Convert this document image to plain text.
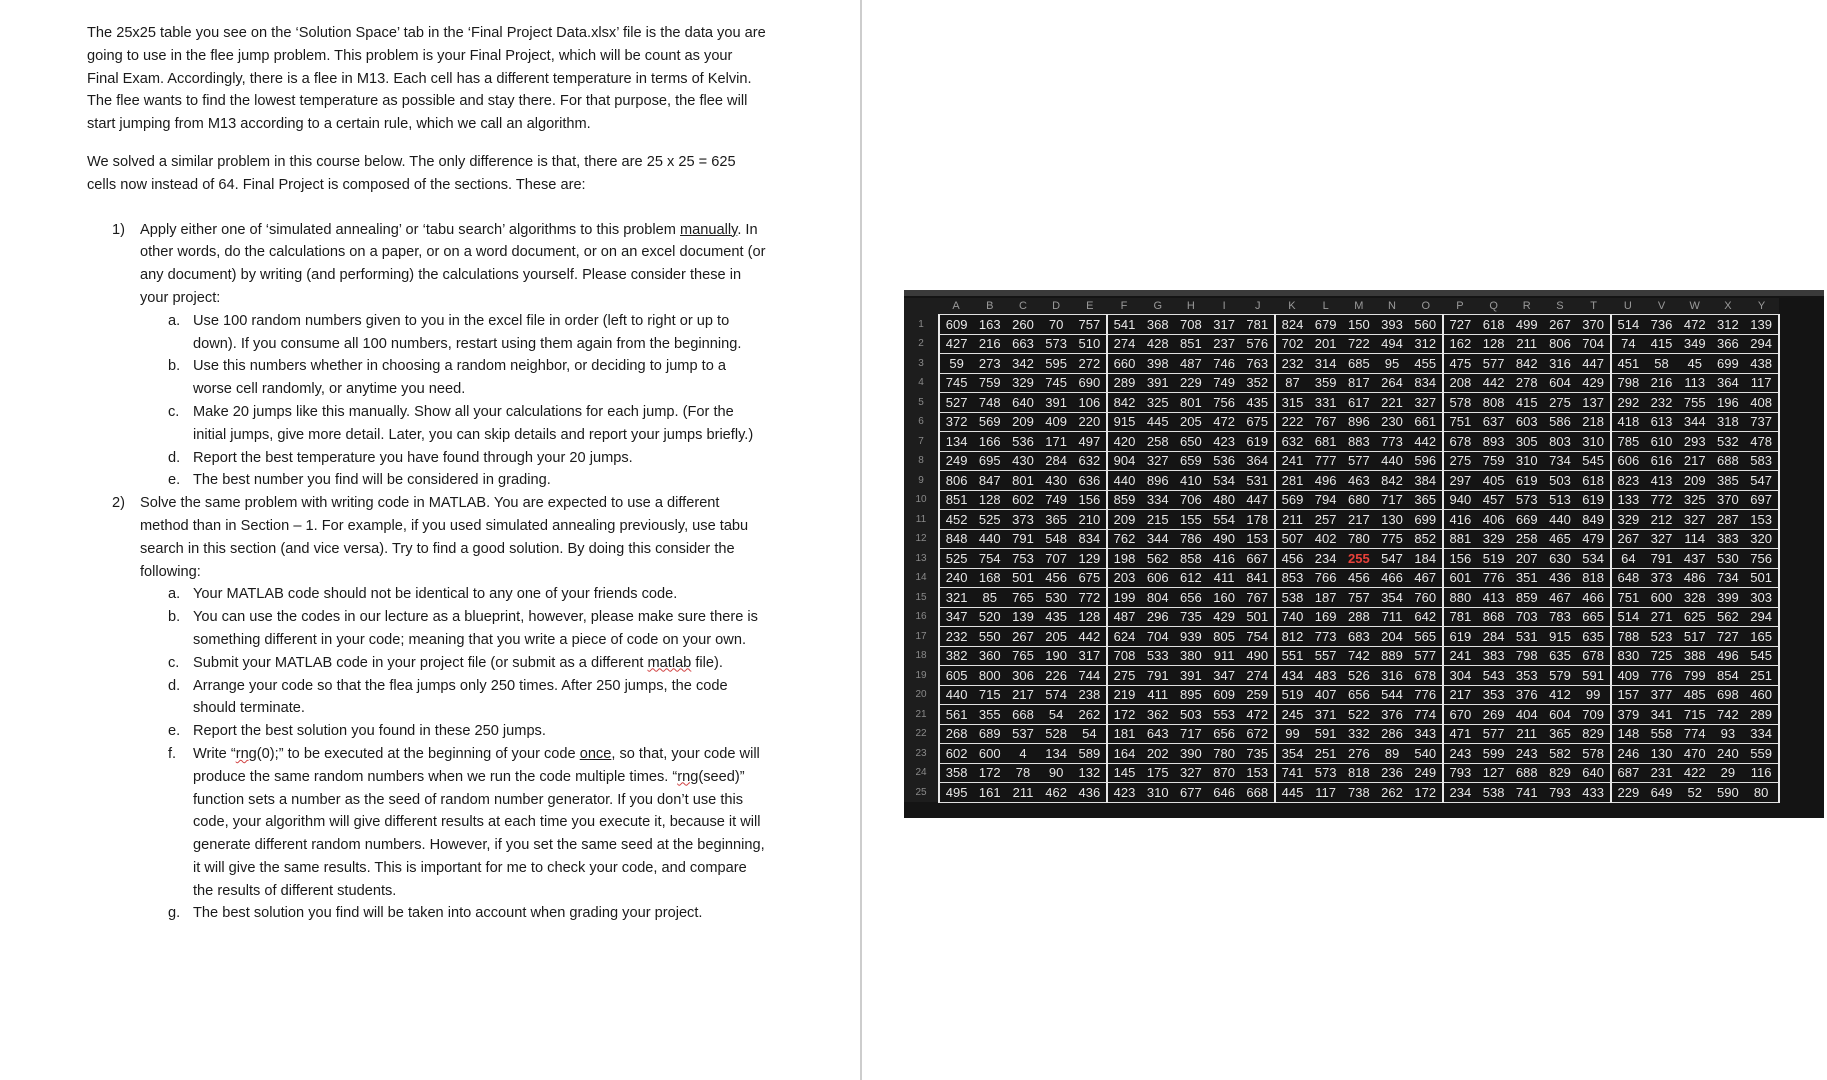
The 25x25 table you see on the ‘Solution Space’ tab in the ‘Final Project Data.xlsx’ file is the data you are going to use in the flee jump problem. This problem is your Final Project, which will be count as your Final Exam. Accordingly, there is a flee in M13. Each cell has a different temperature in terms of Kelvin. The flee wants to find the lowest temperature as possible and stay there. For that purpose, the flee will start jumping from M13 according to a certain rule, which we call an algorithm.

We solved a similar problem in this course below. The only difference is that, there are 25 x 25 = 625 cells now instead of 64. Final Project is composed of the sections. These are:

1) Apply either one of ‘simulated annealing’ or ‘tabu search’ algorithms to this problem manually. In other words, do the calculations on a paper, or on a word document, or on an excel document (or any document) by writing (and performing) the calculations yourself. Please consider these in your project:
a. Use 100 random numbers given to you in the excel file in order (left to right or up to down). If you consume all 100 numbers, restart using them again from the beginning.
b. Use this numbers whether in choosing a random neighbor, or deciding to jump to a worse cell randomly, or anytime you need.
c. Make 20 jumps like this manually. Show all your calculations for each jump. (For the initial jumps, give more detail. Later, you can skip details and report your jumps briefly.)
d. Report the best temperature you have found through your 20 jumps.
e. The best number you find will be considered in grading.
2) Solve the same problem with writing code in MATLAB. You are expected to use a different method than in Section – 1. For example, if you used simulated annealing previously, use tabu search in this section (and vice versa). Try to find a good solution. By doing this consider the following:
a. Your MATLAB code should not be identical to any one of your friends code.
b. You can use the codes in our lecture as a blueprint, however, please make sure there is something different in your code; meaning that you write a piece of code on your own.
c. Submit your MATLAB code in your project file (or submit as a different matlab file).
d. Arrange your code so that the flea jumps only 250 times. After 250 jumps, the code should terminate.
e. Report the best solution you found in these 250 jumps.
f. Write “rng(0);” to be executed at the beginning of your code once, so that, your code will produce the same random numbers when we run the code multiple times. “rng(seed)” function sets a number as the seed of random number generator. If you don’t use this code, your algorithm will give different results at each time you execute it, because it will generate different random numbers. However, if you set the same seed at the beginning, it will give the same results. This is important for me to check your code, and compare the results of different students.
g. The best solution you find will be taken into account when grading your project.
	A	B	C	D	E	F	G	H	I	J	K	L	M	N	O	P	Q	R	S	T	U	V	W	X	Y
1	609	163	260	70	757	541	368	708	317	781	824	679	150	393	560	727	618	499	267	370	514	736	472	312	139
2	427	216	663	573	510	274	428	851	237	576	702	201	722	494	312	162	128	211	806	704	74	415	349	366	294
3	59	273	342	595	272	660	398	487	746	763	232	314	685	95	455	475	577	842	316	447	451	58	45	699	438
4	745	759	329	745	690	289	391	229	749	352	87	359	817	264	834	208	442	278	604	429	798	216	113	364	117
5	527	748	640	391	106	842	325	801	756	435	315	331	617	221	327	578	808	415	275	137	292	232	755	196	408
6	372	569	209	409	220	915	445	205	472	675	222	767	896	230	661	751	637	603	586	218	418	613	344	318	737
7	134	166	536	171	497	420	258	650	423	619	632	681	883	773	442	678	893	305	803	310	785	610	293	532	478
8	249	695	430	284	632	904	327	659	536	364	241	777	577	440	596	275	759	310	734	545	606	616	217	688	583
9	806	847	801	430	636	440	896	410	534	531	281	496	463	842	384	297	405	619	503	618	823	413	209	385	547
10	851	128	602	749	156	859	334	706	480	447	569	794	680	717	365	940	457	573	513	619	133	772	325	370	697
11	452	525	373	365	210	209	215	155	554	178	211	257	217	130	699	416	406	669	440	849	329	212	327	287	153
12	848	440	791	548	834	762	344	786	490	153	507	402	780	775	852	881	329	258	465	479	267	327	114	383	320
13	525	754	753	707	129	198	562	858	416	667	456	234	255	547	184	156	519	207	630	534	64	791	437	530	756
14	240	168	501	456	675	203	606	612	411	841	853	766	456	466	467	601	776	351	436	818	648	373	486	734	501
15	321	85	765	530	772	199	804	656	160	767	538	187	757	354	760	880	413	859	467	466	751	600	328	399	303
16	347	520	139	435	128	487	296	735	429	501	740	169	288	711	642	781	868	703	783	665	514	271	625	562	294
17	232	550	267	205	442	624	704	939	805	754	812	773	683	204	565	619	284	531	915	635	788	523	517	727	165
18	382	360	765	190	317	708	533	380	911	490	551	557	742	889	577	241	383	798	635	678	830	725	388	496	545
19	605	800	306	226	744	275	791	391	347	274	434	483	526	316	678	304	543	353	579	591	409	776	799	854	251
20	440	715	217	574	238	219	411	895	609	259	519	407	656	544	776	217	353	376	412	99	157	377	485	698	460
21	561	355	668	54	262	172	362	503	553	472	245	371	522	376	774	670	269	404	604	709	379	341	715	742	289
22	268	689	537	528	54	181	643	717	656	672	99	591	332	286	343	471	577	211	365	829	148	558	774	93	334
23	602	600	4	134	589	164	202	390	780	735	354	251	276	89	540	243	599	243	582	578	246	130	470	240	559
24	358	172	78	90	132	145	175	327	870	153	741	573	818	236	249	793	127	688	829	640	687	231	422	29	116
25	495	161	211	462	436	423	310	677	646	668	445	117	738	262	172	234	538	741	793	433	229	649	52	590	80
